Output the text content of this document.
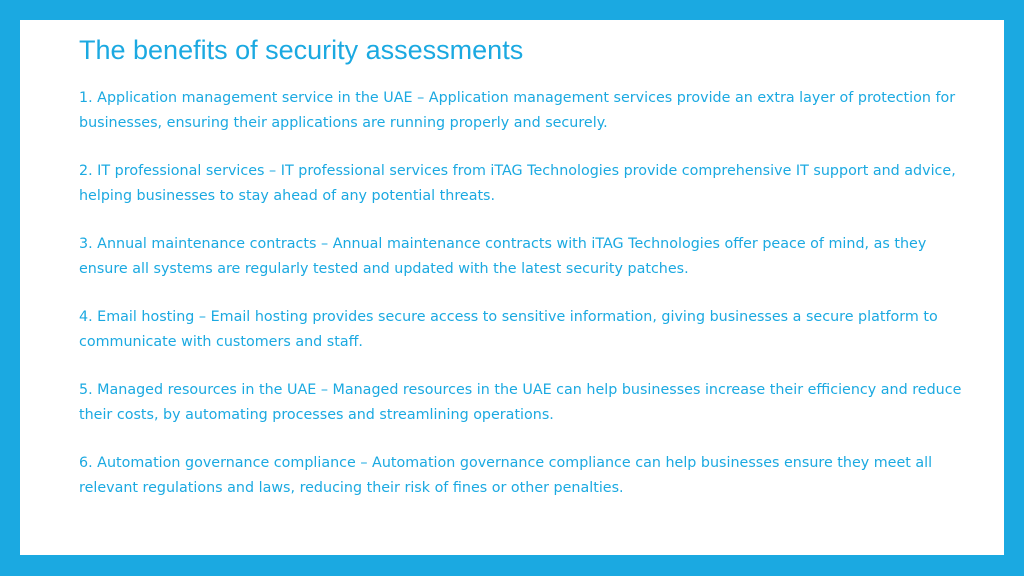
The benefits of security assessments
1. Application management service in the UAE – Application management services provide an extra layer of protection for businesses, ensuring their applications are running properly and securely.
2. IT professional services – IT professional services from iTAG Technologies provide comprehensive IT support and advice, helping businesses to stay ahead of any potential threats.
3. Annual maintenance contracts – Annual maintenance contracts with iTAG Technologies offer peace of mind, as they ensure all systems are regularly tested and updated with the latest security patches.
4. Email hosting – Email hosting provides secure access to sensitive information, giving businesses a secure platform to communicate with customers and staff.
5. Managed resources in the UAE – Managed resources in the UAE can help businesses increase their efficiency and reduce their costs, by automating processes and streamlining operations.
6. Automation governance compliance – Automation governance compliance can help businesses ensure they meet all relevant regulations and laws, reducing their risk of fines or other penalties.
